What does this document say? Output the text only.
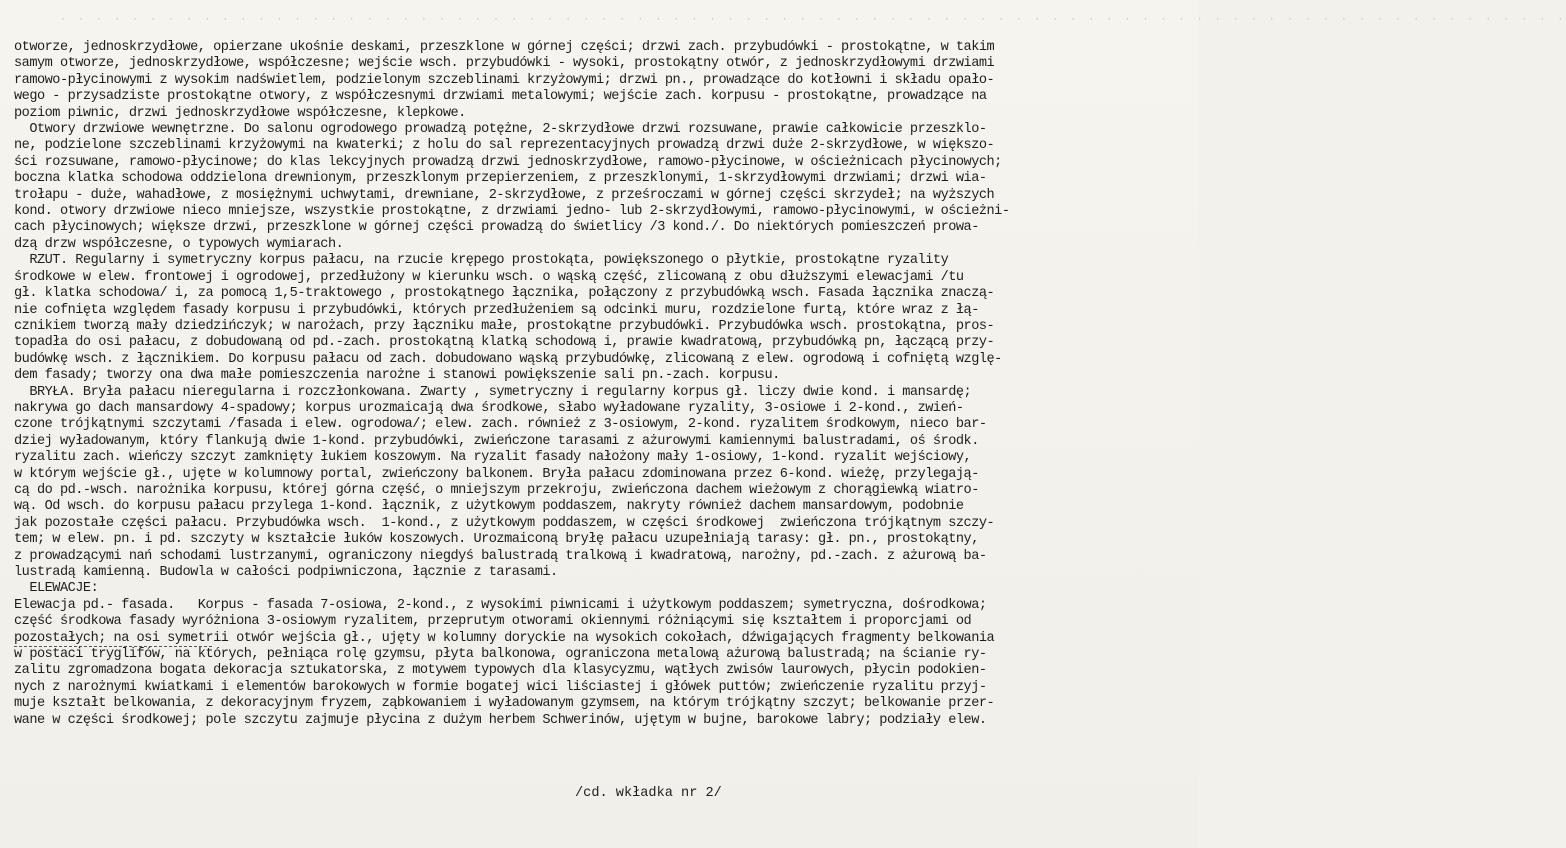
· · · · · · · · · · · · · · · · · · · · · · · · · · · · · · · · · · · · · · · · · · · · · · · · · · · · · · · · · · · · · · · · · · · · · · · · · · · · · · · · · · · ·
otworze, jednoskrzydłowe, opierzane ukośnie deskami, przeszklone w górnej części; drzwi zach. przybudówki - prostokątne, w takim
samym otworze, jednoskrzydłowe, współczesne; wejście wsch. przybudówki - wysoki, prostokątny otwór, z jednoskrzydłowymi drzwiami
ramowo-płycinowymi z wysokim nadświetlem, podzielonym szczeblinami krzyżowymi; drzwi pn., prowadzące do kotłowni i składu opało-
wego - przysadziste prostokątne otwory, z współczesnymi drzwiami metalowymi; wejście zach. korpusu - prostokątne, prowadzące na
poziom piwnic, drzwi jednoskrzydłowe współczesne, klepkowe.
Otwory drzwiowe wewnętrzne. Do salonu ogrodowego prowadzą potężne, 2-skrzydłowe drzwi rozsuwane, prawie całkowicie przeszklo-
ne, podzielone szczeblinami krzyżowymi na kwaterki; z holu do sal reprezentacyjnych prowadzą drzwi duże 2-skrzydłowe, w większo-
ści rozsuwane, ramowo-płycinowe; do klas lekcyjnych prowadzą drzwi jednoskrzydłowe, ramowo-płycinowe, w ościeżnicach płycinowych;
boczna klatka schodowa oddzielona drewnionym, przeszklonym przepierzeniem, z przeszklonymi, 1-skrzydłowymi drzwiami; drzwi wia-
trołapu - duże, wahadłowe, z mosiężnymi uchwytami, drewniane, 2-skrzydłowe, z prześroczami w górnej części skrzydeł; na wyższych
kond. otwory drzwiowe nieco mniejsze, wszystkie prostokątne, z drzwiami jedno- lub 2-skrzydłowymi, ramowo-płycinowymi, w ościeżni-
cach płycinowych; większe drzwi, przeszklone w górnej części prowadzą do świetlicy /3 kond./. Do niektórych pomieszczeń prowa-
dzą drzw współczesne, o typowych wymiarach.
RZUT. Regularny i symetryczny korpus pałacu, na rzucie krępego prostokąta, powiększonego o płytkie, prostokątne ryzality
środkowe w elew. frontowej i ogrodowej, przedłużony w kierunku wsch. o wąską część, zlicowaną z obu dłuższymi elewacjami /tu
gł. klatka schodowa/ i, za pomocą 1,5-traktowego , prostokątnego łącznika, połączony z przybudówką wsch. Fasada łącznika znaczą-
nie cofnięta względem fasady korpusu i przybudówki, których przedłużeniem są odcinki muru, rozdzielone furtą, które wraz z łą-
cznikiem tworzą mały dziedzińczyk; w narożach, przy łączniku małe, prostokątne przybudówki. Przybudówka wsch. prostokątna, pros-
topadła do osi pałacu, z dobudowaną od pd.-zach. prostokątną klatką schodową i, prawie kwadratową, przybudówką pn, łączącą przy-
budówkę wsch. z łącznikiem. Do korpusu pałacu od zach. dobudowano wąską przybudówkę, zlicowaną z elew. ogrodową i cofniętą wzglę-
dem fasady; tworzy ona dwa małe pomieszczenia narożne i stanowi powiększenie sali pn.-zach. korpusu.
BRYŁA. Bryła pałacu nieregularna i rozczłonkowana. Zwarty , symetryczny i regularny korpus gł. liczy dwie kond. i mansardę;
nakrywa go dach mansardowy 4-spadowy; korpus urozmaicają dwa środkowe, słabo wyładowane ryzality, 3-osiowe i 2-kond., zwień-
czone trójkątnymi szczytami /fasada i elew. ogrodowa/; elew. zach. również z 3-osiowym, 2-kond. ryzalitem środkowym, nieco bar-
dziej wyładowanym, który flankują dwie 1-kond. przybudówki, zwieńczone tarasami z ażurowymi kamiennymi balustradami, oś środk.
ryzalitu zach. wieńczy szczyt zamknięty łukiem koszowym. Na ryzalit fasady nałożony mały 1-osiowy, 1-kond. ryzalit wejściowy,
w którym wejście gł., ujęte w kolumnowy portal, zwieńczony balkonem. Bryła pałacu zdominowana przez 6-kond. wieżę, przylegają-
cą do pd.-wsch. narożnika korpusu, której górna część, o mniejszym przekroju, zwieńczona dachem wieżowym z chorągiewką wiatro-
wą. Od wsch. do korpusu pałacu przylega 1-kond. łącznik, z użytkowym poddaszem, nakryty również dachem mansardowym, podobnie
jak pozostałe części pałacu. Przybudówka wsch.  1-kond., z użytkowym poddaszem, w części środkowej  zwieńczona trójkątnym szczy-
tem; w elew. pn. i pd. szczyty w kształcie łuków koszowych. Urozmaiconą bryłę pałacu uzupełniają tarasy: gł. pn., prostokątny,
z prowadzącymi nań schodami lustrzanymi, ograniczony niegdyś balustradą tralkową i kwadratową, narożny, pd.-zach. z ażurową ba-
lustradą kamienną. Budowla w całości podpiwniczona, łącznie z tarasami.
ELEWACJE:
Elewacja pd.- fasada.   Korpus - fasada 7-osiowa, 2-kond., z wysokimi piwnicami i użytkowym poddaszem; symetryczna, dośrodkowa;
część środkowa fasady wyróżniona 3-osiowym ryzalitem, przeprutym otworami okiennymi różniącymi się kształtem i proporcjami od
pozostałych; na osi symetrii otwór wejścia gł., ujęty w kolumny doryckie na wysokich cokołach, dźwigających fragmenty belkowania
w postaci tryglifów, na których, pełniąca rolę gzymsu, płyta balkonowa, ograniczona metalową ażurową balustradą; na ścianie ry-
zalitu zgromadzona bogata dekoracja sztukatorska, z motywem typowych dla klasycyzmu, wątłych zwisów laurowych, płycin podokien-
nych z narożnymi kwiatkami i elementów barokowych w formie bogatej wici liściastej i główek puttów; zwieńczenie ryzalitu przyj-
muje kształt belkowania, z dekoracyjnym fryzem, ząbkowaniem i wyładowanym gzymsem, na którym trójkątny szczyt; belkowanie przer-
wane w części środkowej; pole szczytu zajmuje płycina z dużym herbem Schwerinów, ujętym w bujne, barokowe labry; podziały elew.
/cd. wkładka nr 2/
